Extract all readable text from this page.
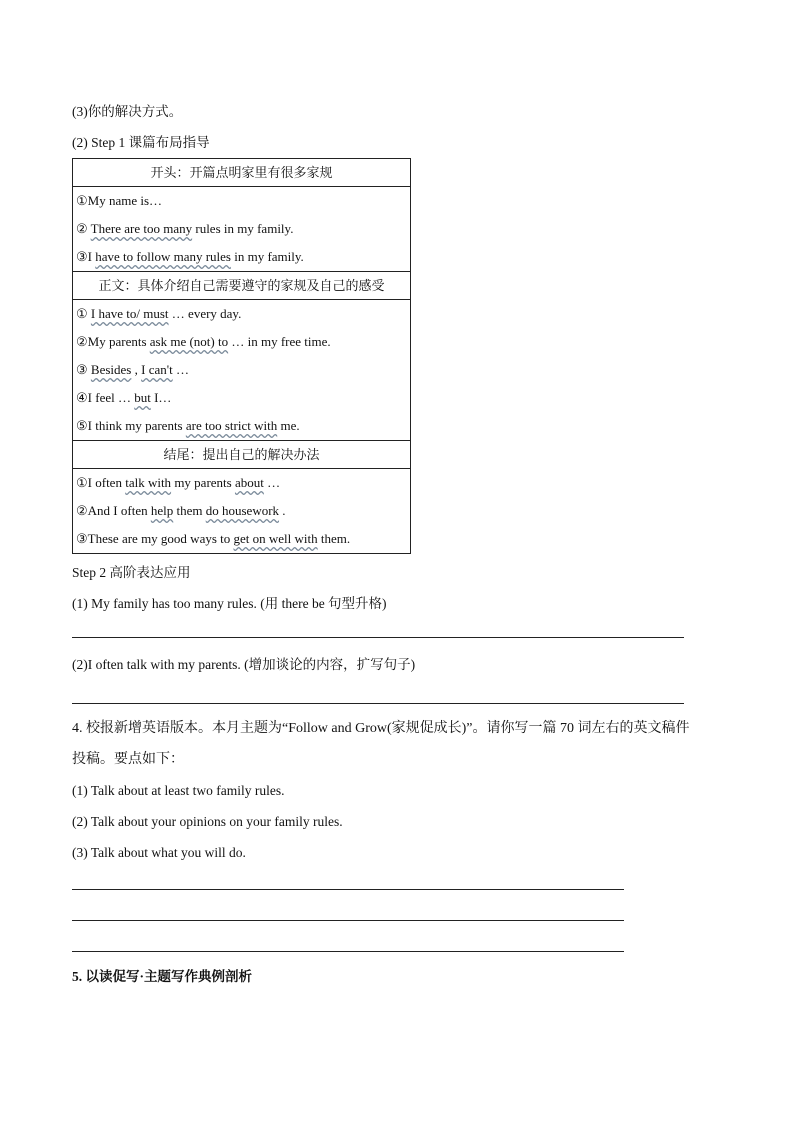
(3)你的解决方式。
(2) Step 1 课篇布局指导
开头：开篇点明家里有很多家规

①My name is…
② There are too many rules in my family.
③I have to follow many rules in my family.

正文：具体介绍自己需要遵守的家规及自己的感受

① I have to/ must … every day.
②My parents ask me (not) to … in my free time.
③ Besides , I can't …
④I feel … but I…
⑤I think my parents are too strict with me.

结尾：提出自己的解决办法

①I often talk with my parents about …
②And I often help them do housework .
③These are my good ways to get on well with them.
Step 2 高阶表达应用
(1) My family has too many rules. (用 there be 句型升格)
(2)I often talk with my parents. (增加谈论的内容，扩写句子)
4. 校报新增英语版本。本月主题为“Follow and Grow(家规促成长)”。请你写一篇 70 词左右的英文稿件
投稿。要点如下：
(1) Talk about at least two family rules.
(2) Talk about your opinions on your family rules.
(3) Talk about what you will do.
5. 以读促写·主题写作典例剖析
